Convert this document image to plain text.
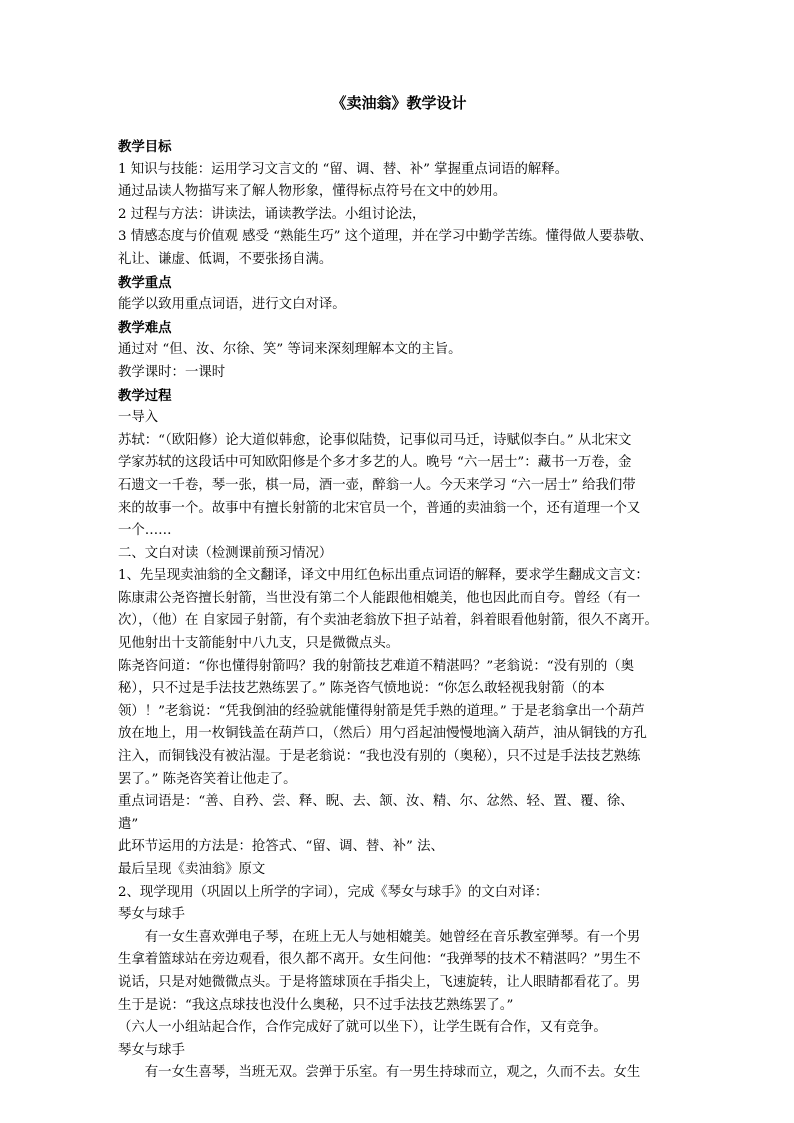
《卖油翁》教学设计

教学目标

1 知识与技能：运用学习文言文的 “留、调、替、补” 掌握重点词语的解释。

通过品读人物描写来了解人物形象，懂得标点符号在文中的妙用。

2 过程与方法：讲读法，诵读教学法。小组讨论法，

3 情感态度与价值观 感受 “熟能生巧” 这个道理，并在学习中勤学苦练。懂得做人要恭敬、

礼让、谦虚、低调，不要张扬自满。

教学重点

能学以致用重点词语，进行文白对译。

教学难点

通过对 “但、汝、尔徐、笑” 等词来深刻理解本文的主旨。

教学课时：一课时

教学过程

一导入

苏轼：“（欧阳修）论大道似韩愈，论事似陆贽，记事似司马迁，诗赋似李白。” 从北宋文

学家苏轼的这段话中可知欧阳修是个多才多艺的人。晚号 “六一居士”：藏书一万卷，金

石遗文一千卷，琴一张，棋一局，酒一壶，醉翁一人。今天来学习 “六一居士” 给我们带

来的故事一个。故事中有擅长射箭的北宋官员一个，普通的卖油翁一个，还有道理一个又

一个……

二、文白对读（检测课前预习情况）

1、先呈现卖油翁的全文翻译，译文中用红色标出重点词语的解释，要求学生翻成文言文：

陈康肃公尧咨擅长射箭，当世没有第二个人能跟他相媲美，他也因此而自夸。曾经（有一

次），（他）在 自家园子射箭，有个卖油老翁放下担子站着，斜着眼看他射箭，很久不离开。

见他射出十支箭能射中八九支，只是微微点头。

陈尧咨问道：“你也懂得射箭吗？我的射箭技艺难道不精湛吗？”老翁说：“没有别的（奥

秘），只不过是手法技艺熟练罢了。” 陈尧咨气愤地说：“你怎么敢轻视我射箭（的本

领）！”老翁说：“凭我倒油的经验就能懂得射箭是凭手熟的道理。” 于是老翁拿出一个葫芦

放在地上，用一枚铜钱盖在葫芦口，（然后）用勺舀起油慢慢地滴入葫芦，油从铜钱的方孔

注入，而铜钱没有被沾湿。于是老翁说：“我也没有别的（奥秘），只不过是手法技艺熟练

罢了。” 陈尧咨笑着让他走了。

重点词语是：“善、自矜、尝、释、睨、去、颔、汝、精、尔、忿然、轻、置、覆、徐、

遣”

此环节运用的方法是：抢答式、“留、调、替、补” 法、

最后呈现《卖油翁》原文

2、现学现用（巩固以上所学的字词），完成《琴女与球手》的文白对译：

琴女与球手

有一女生喜欢弹电子琴，在班上无人与她相媲美。她曾经在音乐教室弹琴。有一个男

生拿着篮球站在旁边观看，很久都不离开。女生问他：“我弹琴的技术不精湛吗？”男生不

说话，只是对她微微点头。于是将篮球顶在手指尖上，飞速旋转，让人眼睛都看花了。男

生于是说：“我这点球技也没什么奥秘，只不过手法技艺熟练罢了。”

（六人一小组站起合作，合作完成好了就可以坐下），让学生既有合作，又有竞争。

琴女与球手

有一女生喜琴，当班无双。尝弹于乐室。有一男生持球而立，观之，久而不去。女生
